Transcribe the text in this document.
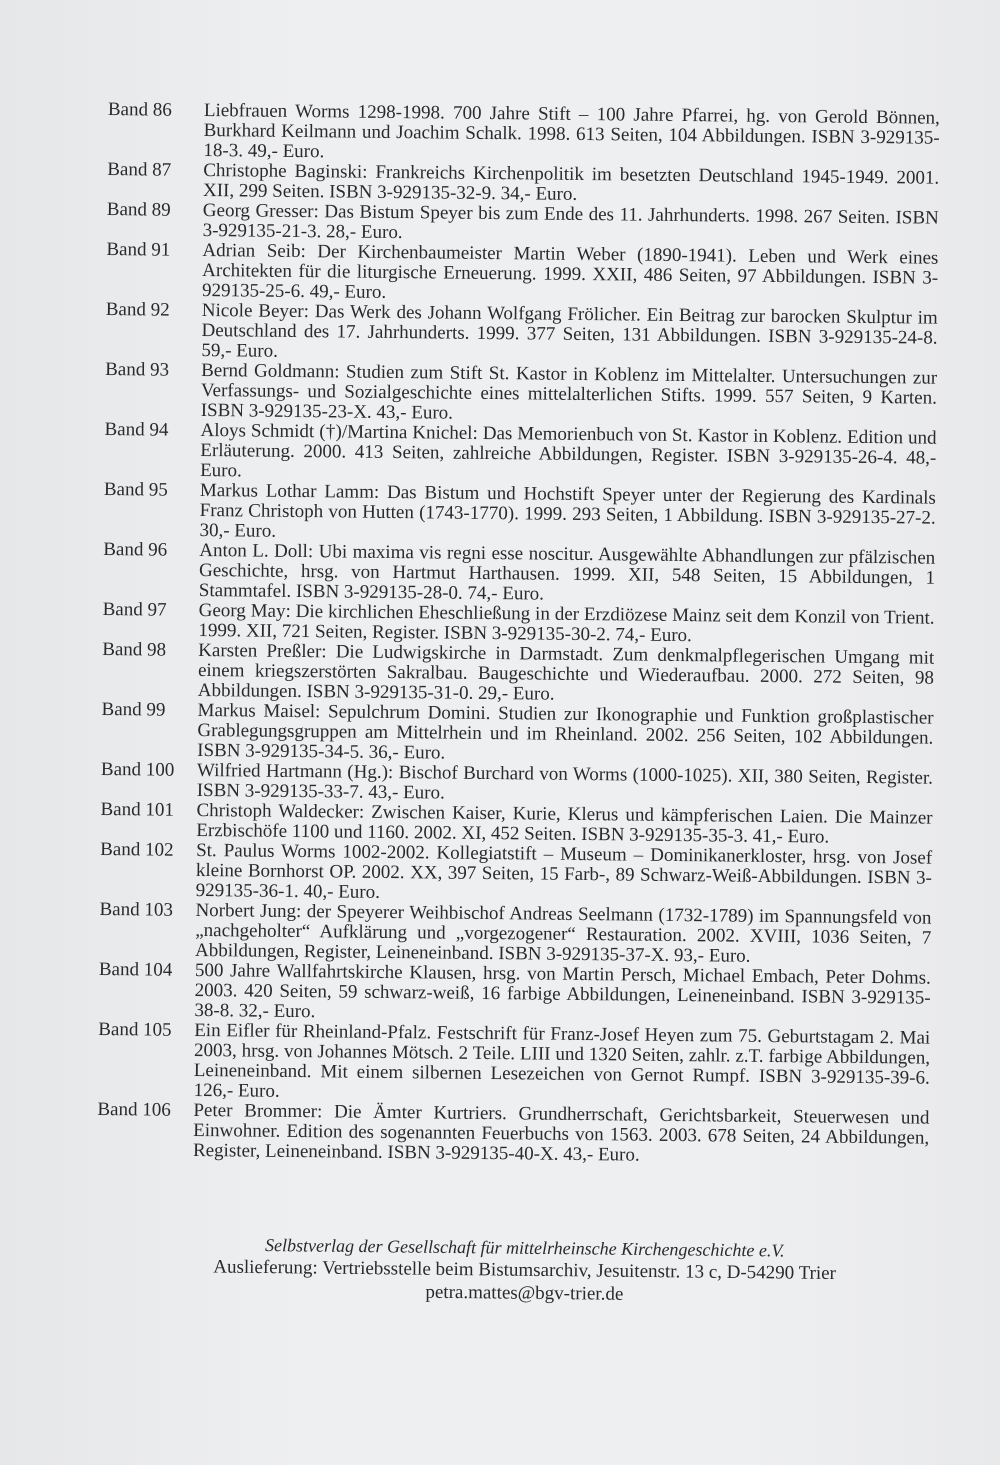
Band 86	Liebfrauen Worms 1298-1998. 700 Jahre Stift – 100 Jahre Pfarrei, hg. von Gerold Bönnen, Burkhard Keilmann und Joachim Schalk. 1998. 613 Seiten, 104 Abbildungen. ISBN 3-929135-18-3. 49,- Euro.
Band 87	Christophe Baginski: Frankreichs Kirchenpolitik im besetzten Deutschland 1945-1949. 2001. XII, 299 Seiten. ISBN 3-929135-32-9. 34,- Euro.
Band 89	Georg Gresser: Das Bistum Speyer bis zum Ende des 11. Jahrhunderts. 1998. 267 Seiten. ISBN 3-929135-21-3. 28,- Euro.
Band 91	Adrian Seib: Der Kirchenbaumeister Martin Weber (1890-1941). Leben und Werk eines Architekten für die liturgische Erneuerung. 1999. XXII, 486 Seiten, 97 Abbildungen. ISBN 3-929135-25-6. 49,- Euro.
Band 92	Nicole Beyer: Das Werk des Johann Wolfgang Frölicher. Ein Beitrag zur barocken Skulptur im Deutschland des 17. Jahrhunderts. 1999. 377 Seiten, 131 Abbildungen. ISBN 3-929135-24-8. 59,- Euro.
Band 93	Bernd Goldmann: Studien zum Stift St. Kastor in Koblenz im Mittelalter. Untersuchungen zur Verfassungs- und Sozialgeschichte eines mittelalterlichen Stifts. 1999. 557 Seiten, 9 Karten. ISBN 3-929135-23-X. 43,- Euro.
Band 94	Aloys Schmidt (†)/Martina Knichel: Das Memorienbuch von St. Kastor in Koblenz. Edition und Erläuterung. 2000. 413 Seiten, zahlreiche Abbildungen, Register. ISBN 3-929135-26-4. 48,- Euro.
Band 95	Markus Lothar Lamm: Das Bistum und Hochstift Speyer unter der Regierung des Kardinals Franz Christoph von Hutten (1743-1770). 1999. 293 Seiten, 1 Abbildung. ISBN 3-929135-27-2. 30,- Euro.
Band 96	Anton L. Doll: Ubi maxima vis regni esse noscitur. Ausgewählte Abhandlungen zur pfälzischen Geschichte, hrsg. von Hartmut Harthausen. 1999. XII, 548 Seiten, 15 Abbildungen, 1 Stammtafel. ISBN 3-929135-28-0. 74,- Euro.
Band 97	Georg May: Die kirchlichen Eheschließung in der Erzdiözese Mainz seit dem Konzil von Trient. 1999. XII, 721 Seiten, Register. ISBN 3-929135-30-2. 74,- Euro.
Band 98	Karsten Preßler: Die Ludwigskirche in Darmstadt. Zum denkmalpflegerischen Umgang mit einem kriegszerstörten Sakralbau. Baugeschichte und Wiederaufbau. 2000. 272 Seiten, 98 Abbildungen. ISBN 3-929135-31-0. 29,- Euro.
Band 99	Markus Maisel: Sepulchrum Domini. Studien zur Ikonographie und Funktion großplastischer Grablegungsgruppen am Mittelrhein und im Rheinland. 2002. 256 Seiten, 102 Abbildungen. ISBN 3-929135-34-5. 36,- Euro.
Band 100	Wilfried Hartmann (Hg.): Bischof Burchard von Worms (1000-1025). XII, 380 Seiten, Register. ISBN 3-929135-33-7. 43,- Euro.
Band 101	Christoph Waldecker: Zwischen Kaiser, Kurie, Klerus und kämpferischen Laien. Die Mainzer Erzbischöfe 1100 und 1160. 2002. XI, 452 Seiten. ISBN 3-929135-35-3. 41,- Euro.
Band 102	St. Paulus Worms 1002-2002. Kollegiatstift – Museum – Dominikanerkloster, hrsg. von Josef kleine Bornhorst OP. 2002. XX, 397 Seiten, 15 Farb-, 89 Schwarz-Weiß-Abbildungen. ISBN 3-929135-36-1. 40,- Euro.
Band 103	Norbert Jung: der Speyerer Weihbischof Andreas Seelmann (1732-1789) im Spannungsfeld von „nachgeholter“ Aufklärung und „vorgezogener“ Restauration. 2002. XVIII, 1036 Seiten, 7 Abbildungen, Register, Leineneinband. ISBN 3-929135-37-X. 93,- Euro.
Band 104	500 Jahre Wallfahrtskirche Klausen, hrsg. von Martin Persch, Michael Embach, Peter Dohms. 2003. 420 Seiten, 59 schwarz-weiß, 16 farbige Abbildungen, Leineneinband. ISBN 3-929135-38-8. 32,- Euro.
Band 105	Ein Eifler für Rheinland-Pfalz. Festschrift für Franz-Josef Heyen zum 75. Geburtstagam 2. Mai 2003, hrsg. von Johannes Mötsch. 2 Teile. LIII und 1320 Seiten, zahlr. z.T. farbige Abbildungen, Leineneinband. Mit einem silbernen Lesezeichen von Gernot Rumpf. ISBN 3-929135-39-6. 126,- Euro.
Band 106	Peter Brommer: Die Ämter Kurtriers. Grundherrschaft, Gerichtsbarkeit, Steuerwesen und Einwohner. Edition des sogenannten Feuerbuchs von 1563. 2003. 678 Seiten, 24 Abbildungen, Register, Leineneinband. ISBN 3-929135-40-X. 43,- Euro.
Selbstverlag der Gesellschaft für mittelrheinsche Kirchengeschichte e.V.
Auslieferung: Vertriebsstelle beim Bistumsarchiv, Jesuitenstr. 13 c, D-54290 Trier
petra.mattes@bgv-trier.de
